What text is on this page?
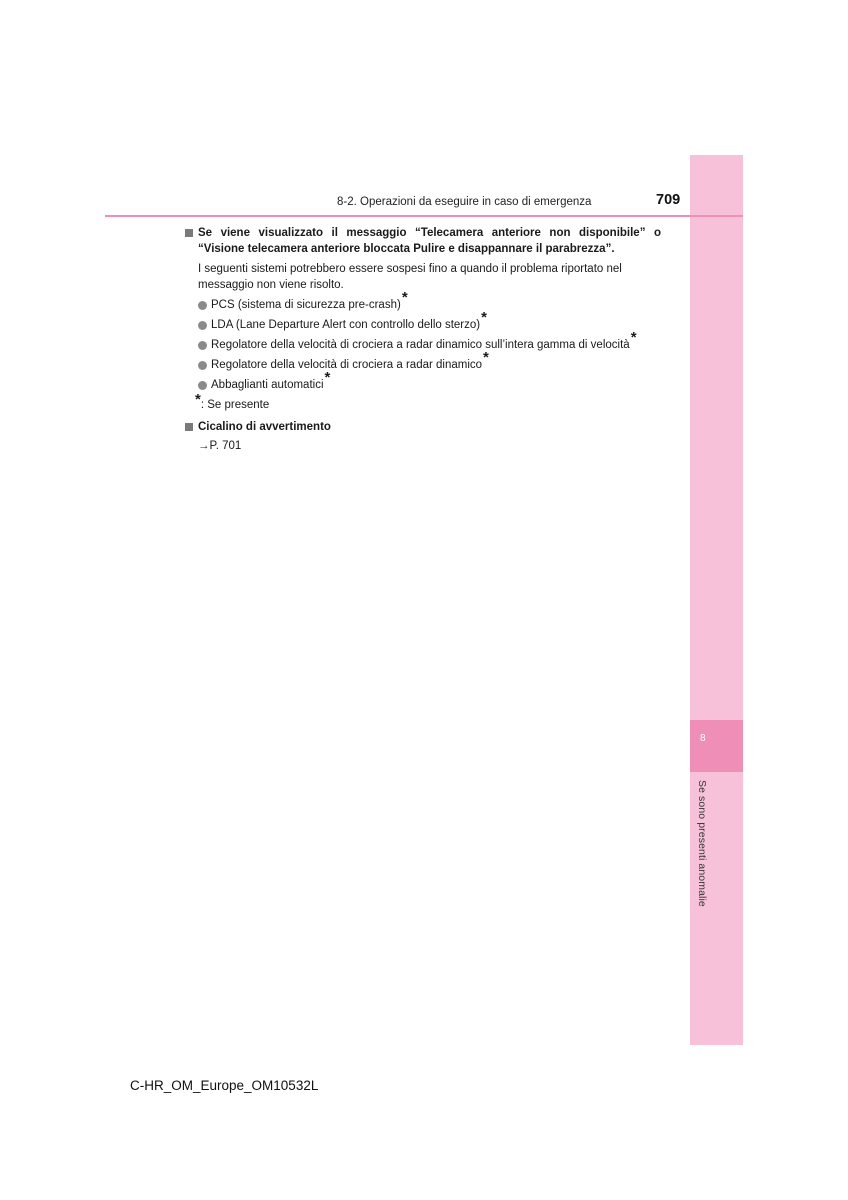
8
Se sono presenti anomalie
8-2. Operazioni da eseguire in caso di emergenza	709
Se viene visualizzato il messaggio “Telecamera anteriore non disponibile” o “Visione telecamera anteriore bloccata Pulire e disappannare il parabrezza”.
I seguenti sistemi potrebbero essere sospesi fino a quando il problema riportato nel messaggio non viene risolto.
PCS (sistema di sicurezza pre-crash)*
LDA (Lane Departure Alert con controllo dello sterzo)*
Regolatore della velocità di crociera a radar dinamico sull’intera gamma di velocità*
Regolatore della velocità di crociera a radar dinamico*
Abbaglianti automatici*
*: Se presente
Cicalino di avvertimento
→P. 701
C-HR_OM_Europe_OM10532L
